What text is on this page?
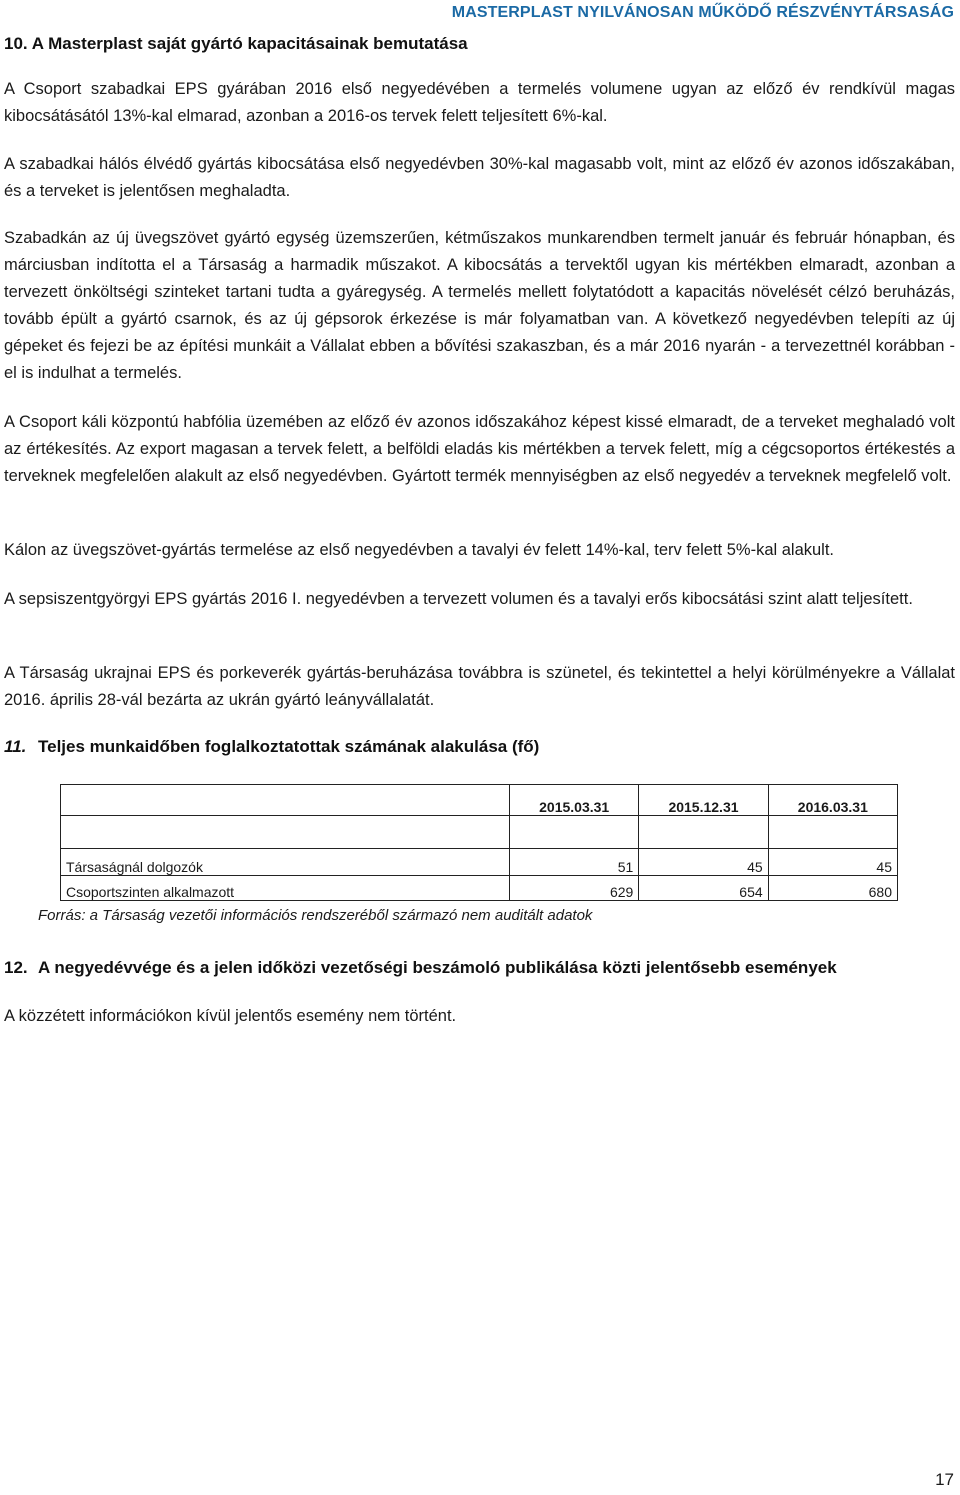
MASTERPLAST NYILVÁNOSAN MŰKÖDŐ RÉSZVÉNYTÁRSASÁG
10. A Masterplast saját gyártó kapacitásainak bemutatása

A Csoport szabadkai EPS gyárában 2016 első negyedévében a termelés volumene ugyan az előző év rendkívül magas kibocsátásától 13%-kal elmarad, azonban a 2016-os tervek felett teljesített 6%-kal.

A szabadkai hálós élvédő gyártás kibocsátása első negyedévben 30%-kal magasabb volt, mint az előző év azonos időszakában, és a terveket is jelentősen meghaladta.

Szabadkán az új üvegszövet gyártó egység üzemszerűen, kétműszakos munkarendben termelt január és február hónapban, és márciusban indította el a Társaság a harmadik műszakot. A kibocsátás a tervektől ugyan kis mértékben elmaradt, azonban a tervezett önköltségi szinteket tartani tudta a gyáregység. A termelés mellett folytatódott a kapacitás növelését célzó beruházás, tovább épült a gyártó csarnok, és az új gépsorok érkezése is már folyamatban van. A következő negyedévben telepíti az új gépeket és fejezi be az építési munkáit a Vállalat ebben a bővítési szakaszban, és a már 2016 nyarán - a tervezettnél korábban - el is indulhat a termelés.

A Csoport káli központú habfólia üzemében az előző év azonos időszakához képest kissé elmaradt, de a terveket meghaladó volt az értékesítés. Az export magasan a tervek felett, a belföldi eladás kis mértékben a tervek felett, míg a cégcsoportos értékestés a terveknek megfelelően alakult az első negyedévben. Gyártott termék mennyiségben az első negyedév a terveknek megfelelő volt.

Kálon az üvegszövet-gyártás termelése az első negyedévben a tavalyi év felett 14%-kal, terv felett 5%-kal alakult.

A sepsiszentgyörgyi EPS gyártás 2016 I. negyedévben a tervezett volumen és a tavalyi erős kibocsátási szint alatt teljesített.

A Társaság ukrajnai EPS és porkeverék gyártás-beruházása továbbra is szünetel, és tekintettel a helyi körülményekre a Vállalat 2016. április 28-vál bezárta az ukrán gyártó leányvállalatát.

11. Teljes munkaidőben foglalkoztatottak számának alakulása (fő)
	2015.03.31	2015.12.31	2016.03.31

Társaságnál dolgozók	51	45	45
Csoportszinten alkalmazott	629	654	680
Forrás: a Társaság vezetői információs rendszeréből származó nem auditált adatok
12. A negyedévvége és a jelen időközi vezetőségi beszámoló publikálása közti jelentősebb események

A közzétett információkon kívül jelentős esemény nem történt.

17
